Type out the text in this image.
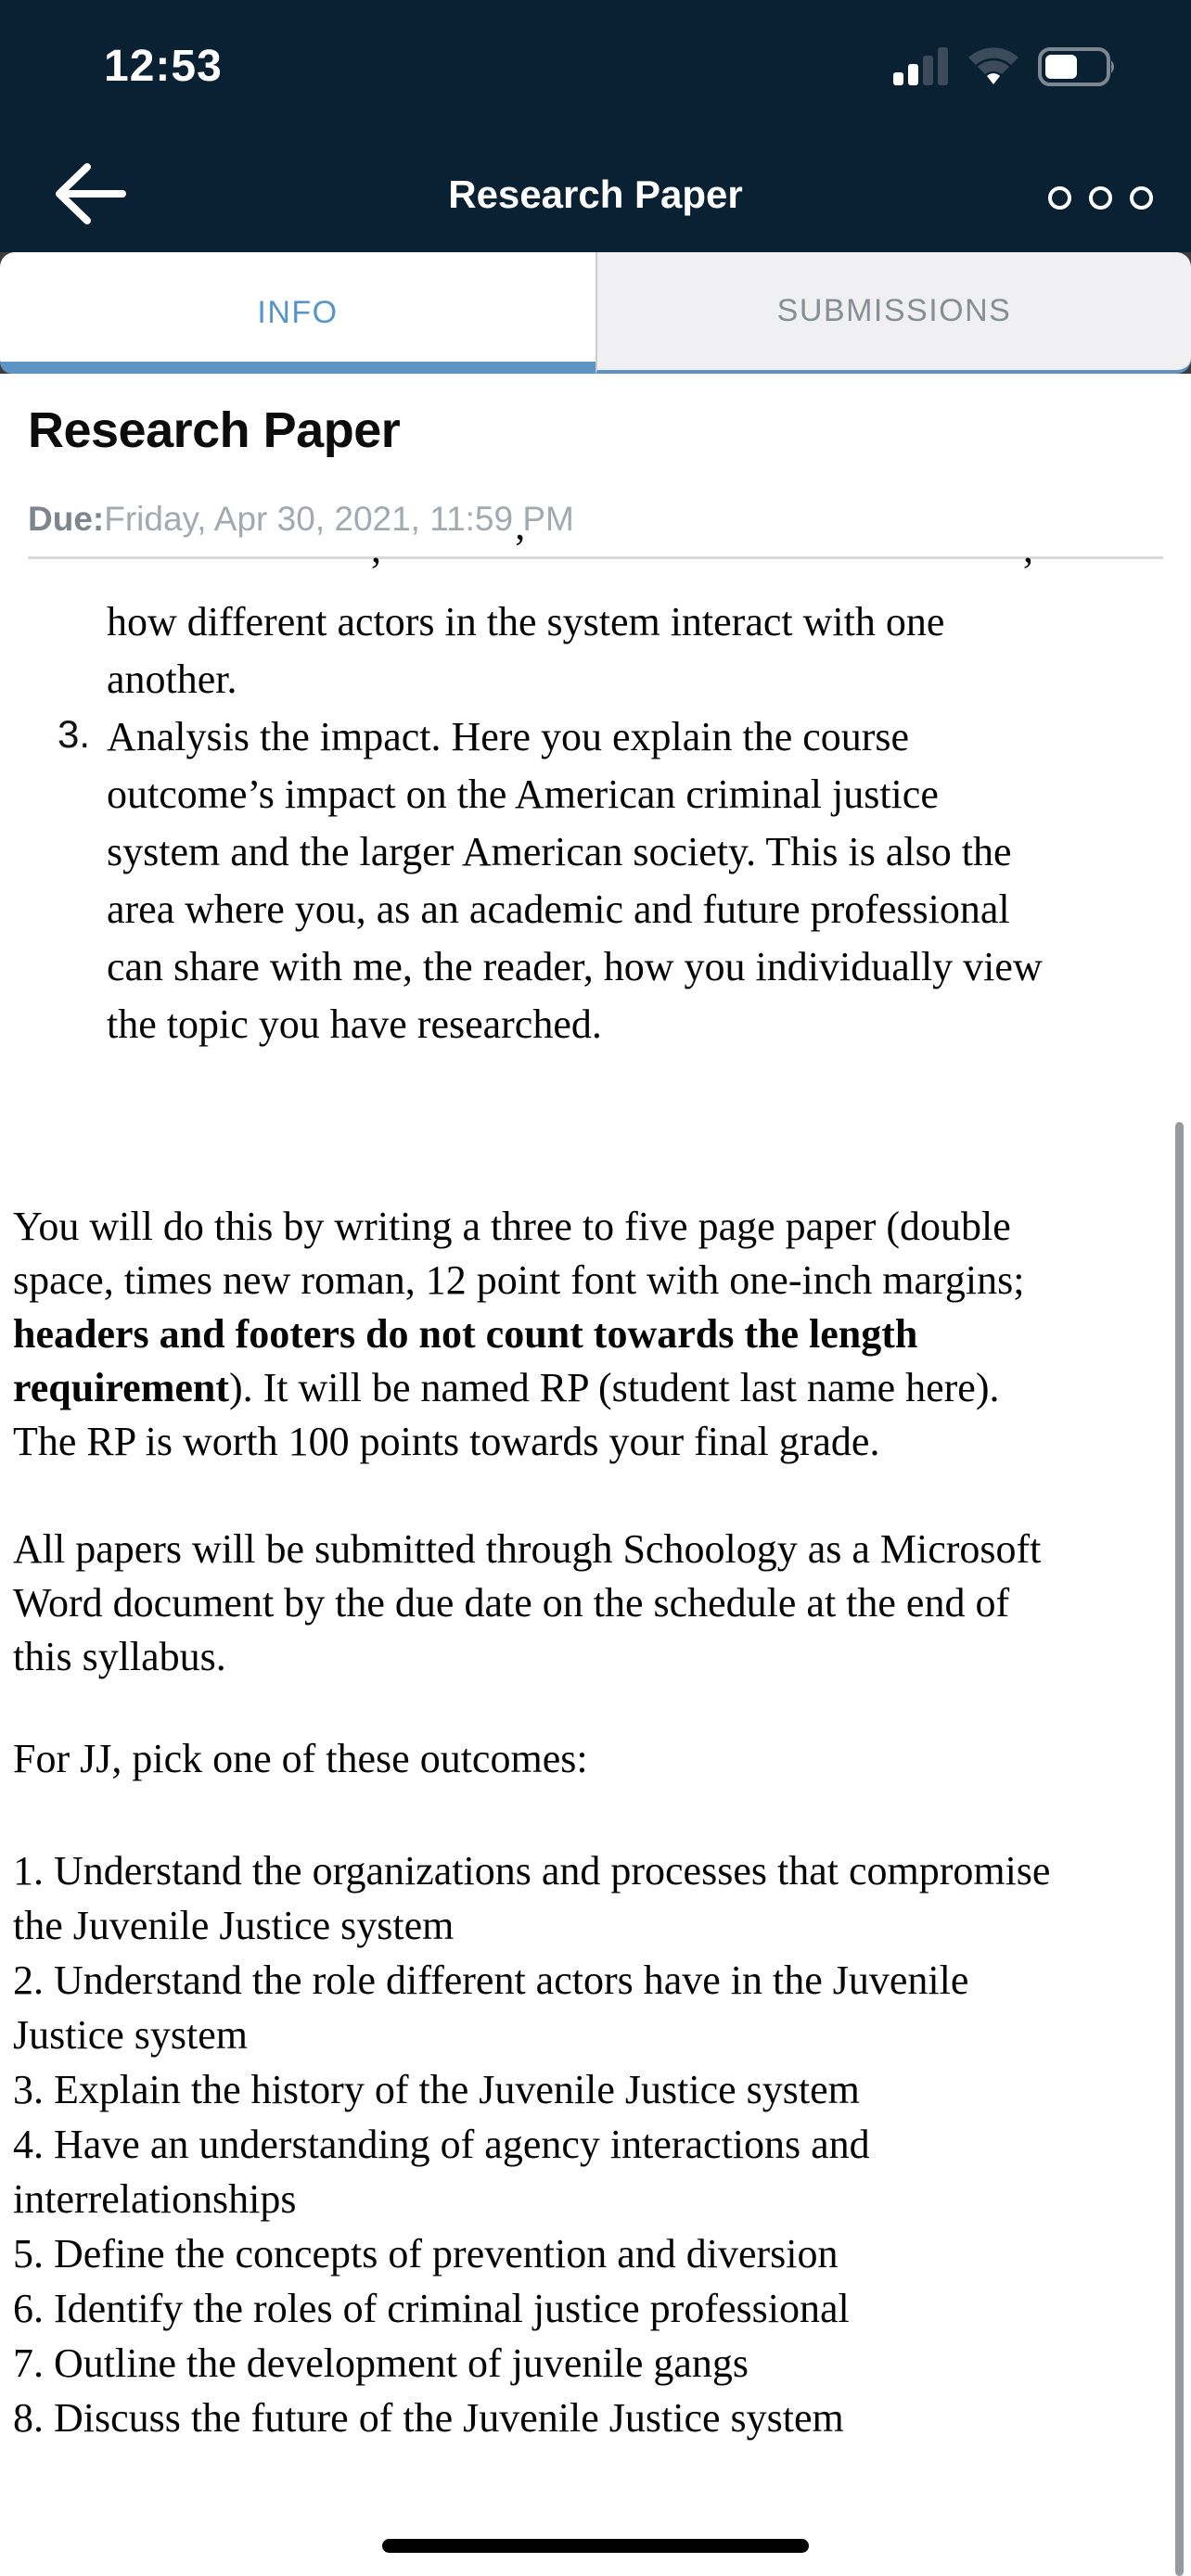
12:53
Research Paper
INFO	SUBMISSIONS
Research Paper
Due:Friday, Apr 30, 2021, 11:59 PM
,	’	,
how different actors in the system interact with one
another.
3. Analysis the impact. Here you explain the course
outcome’s impact on the American criminal justice
system and the larger American society. This is also the
area where you, as an academic and future professional
can share with me, the reader, how you individually view
the topic you have researched.
You will do this by writing a three to five page paper (double
space, times new roman, 12 point font with one-inch margins;
headers and footers do not count towards the length
requirement). It will be named RP (student last name here).
The RP is worth 100 points towards your final grade.
All papers will be submitted through Schoology as a Microsoft
Word document by the due date on the schedule at the end of
this syllabus.
For JJ, pick one of these outcomes:
1. Understand the organizations and processes that compromise
the Juvenile Justice system
2. Understand the role different actors have in the Juvenile
Justice system
3. Explain the history of the Juvenile Justice system
4. Have an understanding of agency interactions and
interrelationships
5. Define the concepts of prevention and diversion
6. Identify the roles of criminal justice professional
7. Outline the development of juvenile gangs
8. Discuss the future of the Juvenile Justice system
